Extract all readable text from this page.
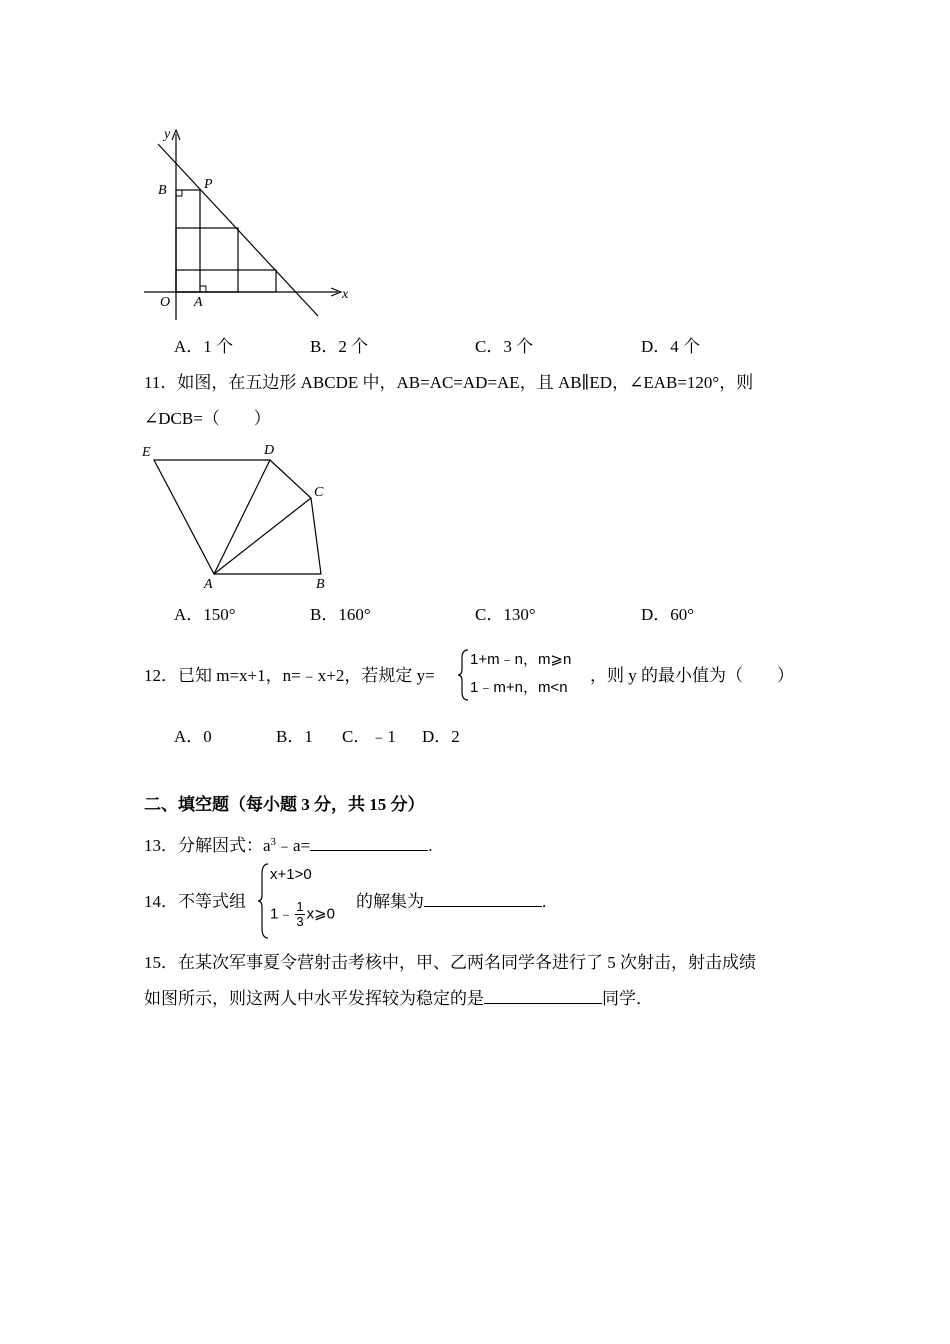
y
x
B	P
O A
A．1 个	B．2 个	C．3 个	D．4 个
11．如图，在五边形 ABCDE 中，AB=AC=AD=AE，且 AB∥ED，∠EAB=120°，则
∠DCB=（　　）
E	D
C
A	B
A．150°	B．160°	C．130°	D．60°
12．已知 m=x+1，n=﹣x+2，若规定 y=
1+m﹣n，m⩾n
1﹣m+n，m<n
，则 y 的最小值为（　　）
A．0	B．1 C．﹣1 D．2
二、填空题（每小题 3 分，共 15 分）
13．分解因式：$a^3﹣a=$	.
14．不等式组
x+1>0
1﹣ $\frac{1}{3}$ x⩾0
的解集为	.
15．在某次军事夏令营射击考核中，甲、乙两名同学各进行了 5 次射击，射击成绩
如图所示，则这两人中水平发挥较为稳定的是	同学．
